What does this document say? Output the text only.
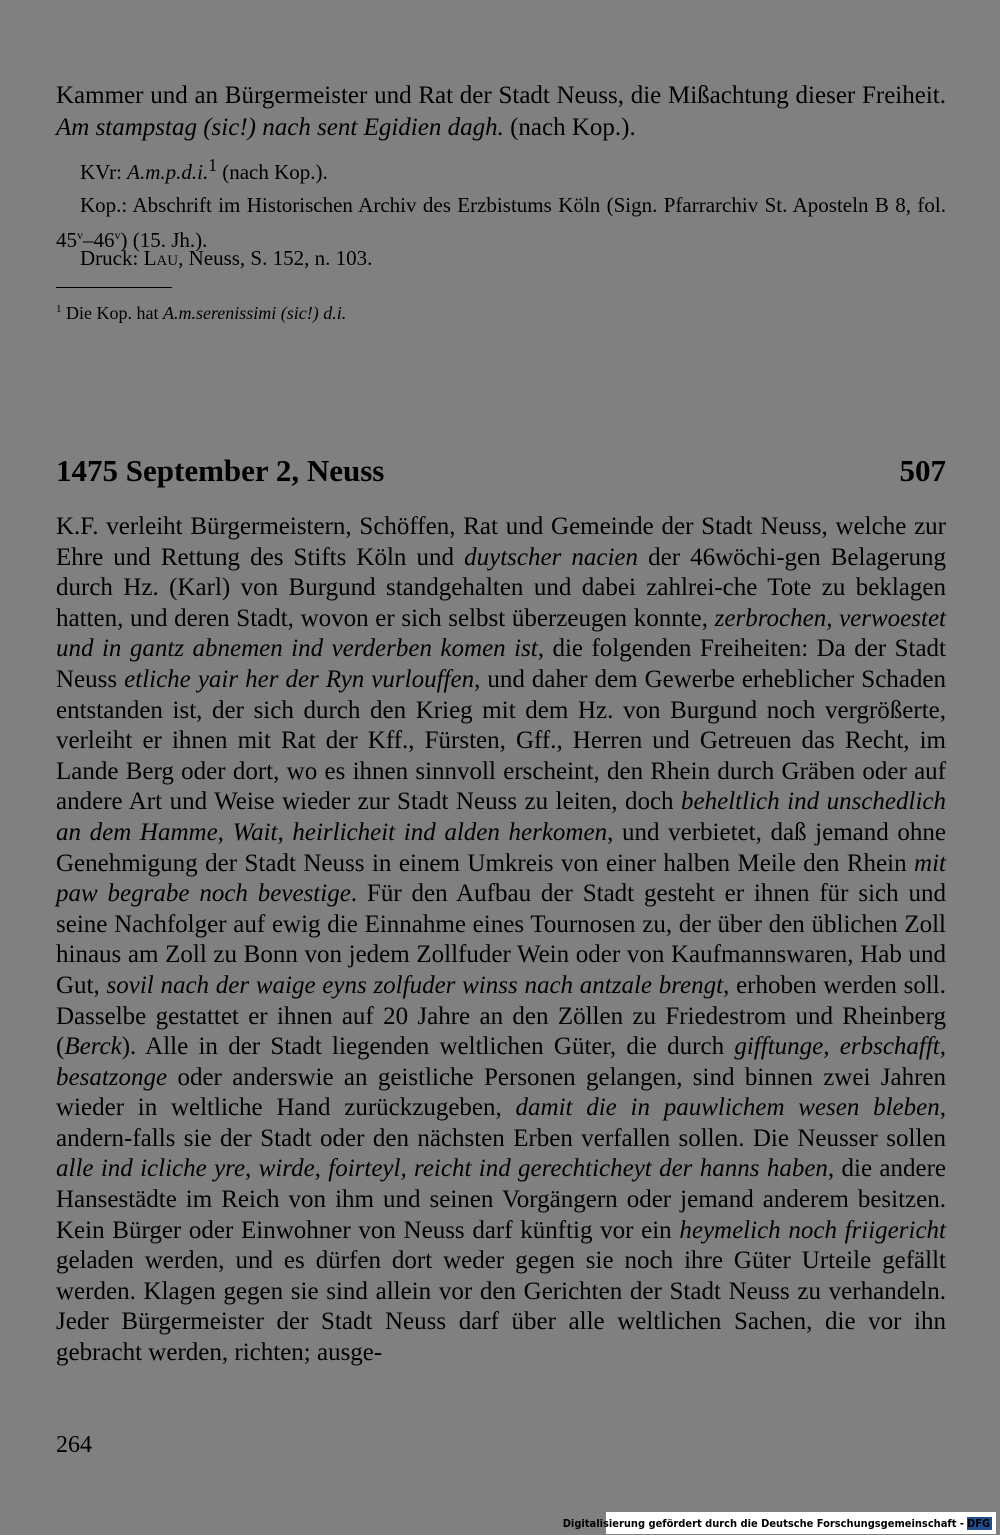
Kammer und an Bürgermeister und Rat der Stadt Neuss, die Mißachtung dieser Freiheit. Am stampstag (sic!) nach sent Egidien dagh. (nach Kop.).
KVr: A.m.p.d.i.$^1$ (nach Kop.).
Kop.: Abschrift im Historischen Archiv des Erzbistums Köln (Sign. Pfarrarchiv St. Aposteln B 8, fol. 45$^v$–46$^v$) (15. Jh.).
Druck: Lau, Neuss, S. 152, n. 103.
$^1$ Die Kop. hat A.m.serenissimi (sic!) d.i.
1475 September 2, Neuss	507

K.F. verleiht Bürgermeistern, Schöffen, Rat und Gemeinde der Stadt Neuss, welche zur Ehre und Rettung des Stifts Köln und duytscher nacien der 46wöchi-gen Belagerung durch Hz. (Karl) von Burgund standgehalten und dabei zahlrei-che Tote zu beklagen hatten, und deren Stadt, wovon er sich selbst überzeugen konnte, zerbrochen, verwoestet und in gantz abnemen ind verderben komen ist, die folgenden Freiheiten: Da der Stadt Neuss etliche yair her der Ryn vurlouffen, und daher dem Gewerbe erheblicher Schaden entstanden ist, der sich durch den Krieg mit dem Hz. von Burgund noch vergrößerte, verleiht er ihnen mit Rat der Kff., Fürsten, Gff., Herren und Getreuen das Recht, im Lande Berg oder dort, wo es ihnen sinnvoll erscheint, den Rhein durch Gräben oder auf andere Art und Weise wieder zur Stadt Neuss zu leiten, doch beheltlich ind unschedlich an dem Hamme, Wait, heirlicheit ind alden herkomen, und verbietet, daß jemand ohne Genehmigung der Stadt Neuss in einem Umkreis von einer halben Meile den Rhein mit paw begrabe noch bevestige. Für den Aufbau der Stadt gesteht er ihnen für sich und seine Nachfolger auf ewig die Einnahme eines Tournosen zu, der über den üblichen Zoll hinaus am Zoll zu Bonn von jedem Zollfuder Wein oder von Kaufmannswaren, Hab und Gut, sovil nach der waige eyns zolfuder winss nach antzale brengt, erhoben werden soll. Dasselbe gestattet er ihnen auf 20 Jahre an den Zöllen zu Friedestrom und Rheinberg (Berck). Alle in der Stadt liegenden weltlichen Güter, die durch gifftunge, erbschafft, besatzonge oder anderswie an geistliche Personen gelangen, sind binnen zwei Jahren wieder in weltliche Hand zurückzugeben, damit die in pauwlichem wesen bleben, andern-falls sie der Stadt oder den nächsten Erben verfallen sollen. Die Neusser sollen alle ind icliche yre, wirde, foirteyl, reicht ind gerechticheyt der hanns haben, die andere Hansestädte im Reich von ihm und seinen Vorgängern oder jemand anderem besitzen. Kein Bürger oder Einwohner von Neuss darf künftig vor ein heymelich noch friigericht geladen werden, und es dürfen dort weder gegen sie noch ihre Güter Urteile gefällt werden. Klagen gegen sie sind allein vor den Gerichten der Stadt Neuss zu verhandeln. Jeder Bürgermeister der Stadt Neuss darf über alle weltlichen Sachen, die vor ihn gebracht werden, richten; ausge-

264
Digitalisierung gefördert durch die Deutsche Forschungsgemeinschaft - DFG
